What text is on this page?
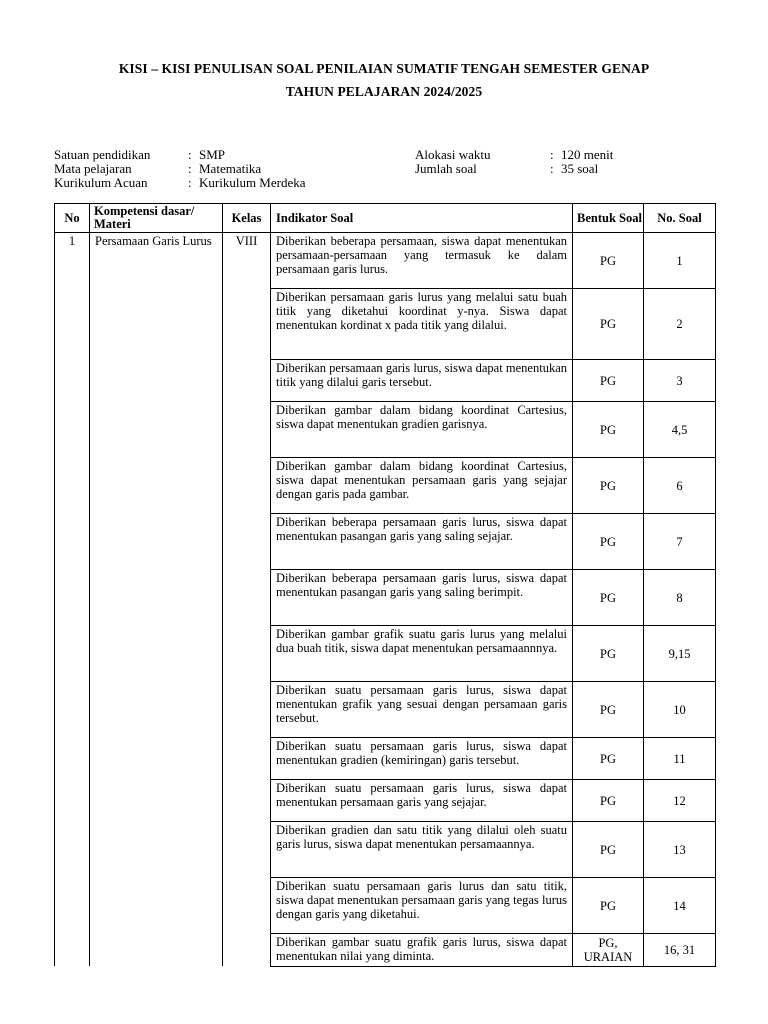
KISI – KISI PENULISAN SOAL PENILAIAN SUMATIF TENGAH SEMESTER GENAP
TAHUN PELAJARAN 2024/2025
Satuan pendidikan	: SMP
Mata pelajaran	: Matematika
Kurikulum Acuan	: Kurikulum Merdeka
Alokasi waktu	: 120 menit
Jumlah soal	: 35 soal
No	Kompetensi dasar/ Materi	Kelas	Indikator Soal	Bentuk Soal	No. Soal
1	Persamaan Garis Lurus	VIII	Diberikan beberapa persamaan, siswa dapat menentukan persamaan-persamaan yang termasuk ke dalam persamaan garis lurus.	PG	1
			Diberikan persamaan garis lurus yang melalui satu buah titik yang diketahui koordinat y-nya. Siswa dapat menentukan kordinat x pada titik yang dilalui.	PG	2
			Diberikan persamaan garis lurus, siswa dapat menentukan titik yang dilalui garis tersebut.	PG	3
			Diberikan gambar dalam bidang koordinat Cartesius, siswa dapat menentukan gradien garisnya.	PG	4,5
			Diberikan gambar dalam bidang koordinat Cartesius, siswa dapat menentukan persamaan garis yang sejajar dengan garis pada gambar.	PG	6
			Diberikan beberapa persamaan garis lurus, siswa dapat menentukan pasangan garis yang saling sejajar.	PG	7
			Diberikan beberapa persamaan garis lurus, siswa dapat menentukan pasangan garis yang saling berimpit.	PG	8
			Diberikan gambar grafik suatu garis lurus yang melalui dua buah titik, siswa dapat menentukan persamaannnya.	PG	9,15
			Diberikan suatu persamaan garis lurus, siswa dapat menentukan grafik yang sesuai dengan persamaan garis tersebut.	PG	10
			Diberikan suatu persamaan garis lurus, siswa dapat menentukan gradien (kemiringan) garis tersebut.	PG	11
			Diberikan suatu persamaan garis lurus, siswa dapat menentukan persamaan garis yang sejajar.	PG	12
			Diberikan gradien dan satu titik yang dilalui oleh suatu garis lurus, siswa dapat menentukan persamaannya.	PG	13
			Diberikan suatu persamaan garis lurus dan satu titik, siswa dapat menentukan persamaan garis yang tegas lurus dengan garis yang diketahui.	PG	14
			Diberikan gambar suatu grafik garis lurus, siswa dapat menentukan nilai yang diminta.	PG, URAIAN	16, 31
